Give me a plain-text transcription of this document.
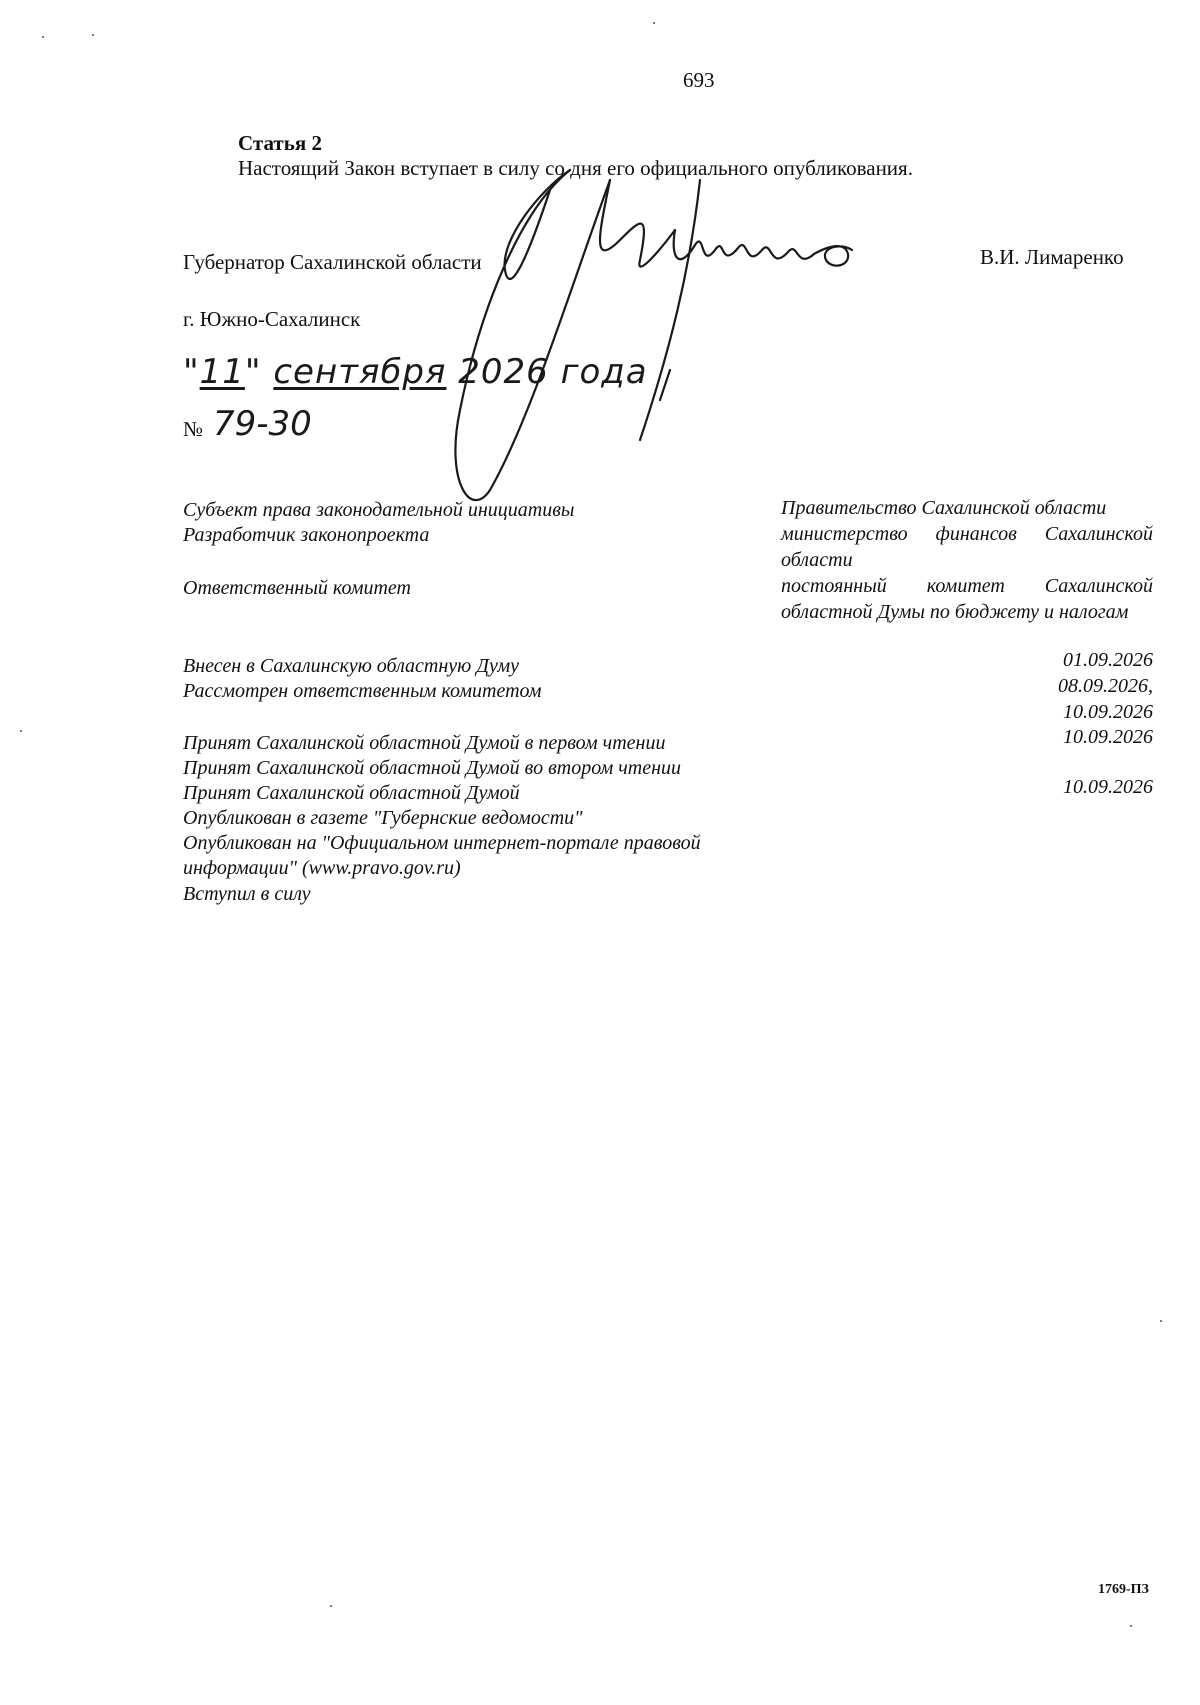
693
Статья 2
Настоящий Закон вступает в силу со дня его официального опубликования.
Губернатор Сахалинской области	В.И. Лимаренко
г. Южно-Сахалинск
"11" сентября 2026 года
№ 79-30
Субъект права законодательной инициативы	Правительство Сахалинской области
Разработчик законопроекта	министерство финансов Сахалинской области
Ответственный комитет	постоянный комитет Сахалинской областной Думы по бюджету и налогам
Внесен в Сахалинскую областную Думу	01.09.2026
Рассмотрен ответственным комитетом	08.09.2026,
10.09.2026
Принят Сахалинской областной Думой в первом чтении	10.09.2026
Принят Сахалинской областной Думой во втором чтении
Принят Сахалинской областной Думой	10.09.2026
Опубликован в газете "Губернские ведомости"
Опубликован на "Официальном интернет-портале правовой
информации" (www.pravo.gov.ru)
Вступил в силу
1769-ПЗ
